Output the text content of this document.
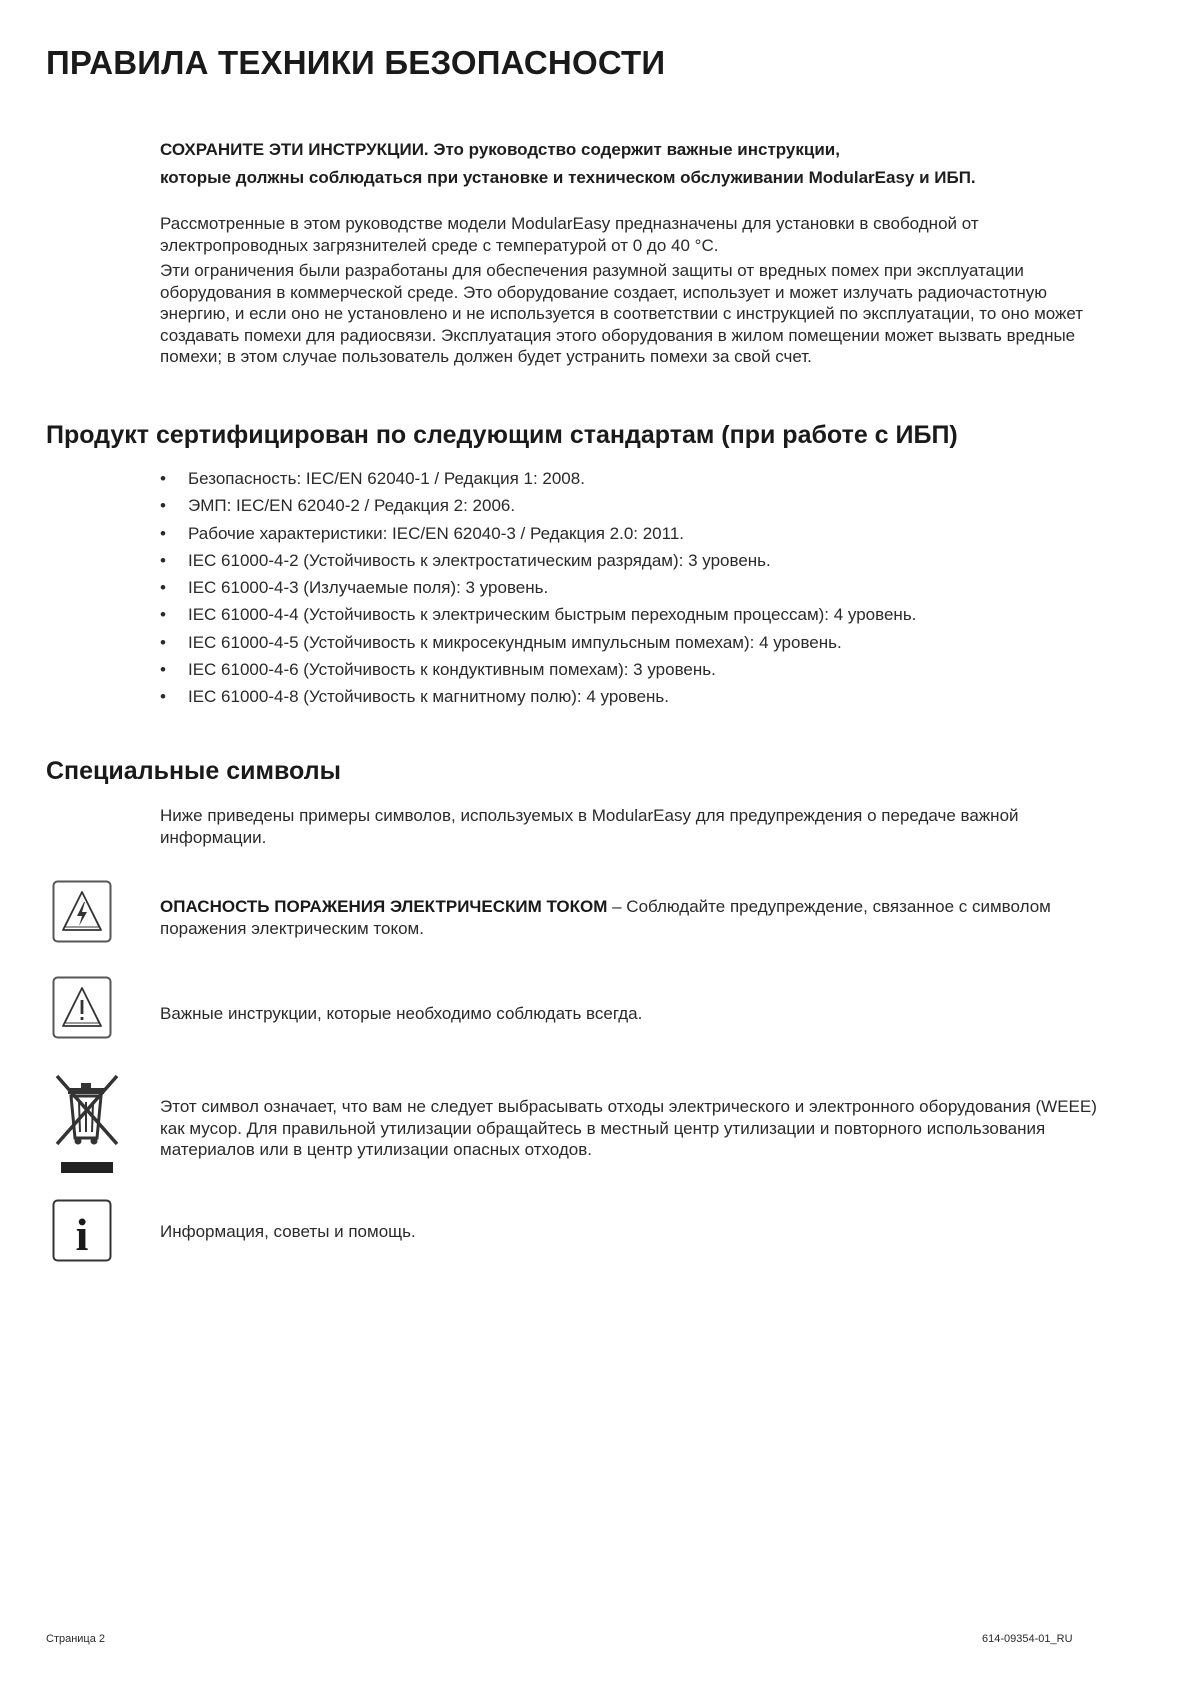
ПРАВИЛА ТЕХНИКИ БЕЗОПАСНОСТИ
СОХРАНИТЕ ЭТИ ИНСТРУКЦИИ. Это руководство содержит важные инструкции,
которые должны соблюдаться при установке и техническом обслуживании ModularEasy и ИБП.

Рассмотренные в этом руководстве модели ModularEasy предназначены для установки в свободной от электропроводных загрязнителей среде с температурой от 0 до 40 °C.

Эти ограничения были разработаны для обеспечения разумной защиты от вредных помех при эксплуатации оборудования в коммерческой среде. Это оборудование создает, использует и может излучать радиочастотную энергию, и если оно не установлено и не используется в соответствии с инструкцией по эксплуатации, то оно может создавать помехи для радиосвязи. Эксплуатация этого оборудования в жилом помещении может вызвать вредные помехи; в этом случае пользователь должен будет устранить помехи за свой счет.

Продукт сертифицирован по следующим стандартам (при работе с ИБП)
• Безопасность: IEC/EN 62040-1 / Редакция 1: 2008.
• ЭМП: IEC/EN 62040-2 / Редакция 2: 2006.
• Рабочие характеристики: IEC/EN 62040-3 / Редакция 2.0: 2011.
• IEC 61000-4-2 (Устойчивость к электростатическим разрядам): 3 уровень.
• IEC 61000-4-3 (Излучаемые поля): 3 уровень.
• IEC 61000-4-4 (Устойчивость к электрическим быстрым переходным процессам): 4 уровень.
• IEC 61000-4-5 (Устойчивость к микросекундным импульсным помехам): 4 уровень.
• IEC 61000-4-6 (Устойчивость к кондуктивным помехам): 3 уровень.
• IEC 61000-4-8 (Устойчивость к магнитному полю): 4 уровень.
Специальные символы

Ниже приведены примеры символов, используемых в ModularEasy для предупреждения о передаче важной информации.

ОПАСНОСТЬ ПОРАЖЕНИЯ ЭЛЕКТРИЧЕСКИМ ТОКОМ – Соблюдайте предупреждение, связанное с символом поражения электрическим током.
Важные инструкции, которые необходимо соблюдать всегда.
Этот символ означает, что вам не следует выбрасывать отходы электрического и электронного оборудования (WEEE) как мусор. Для правильной утилизации обращайтесь в местный центр утилизации и повторного использования материалов или в центр утилизации опасных отходов.
i	Информация, советы и помощь.
Страница 2	614-09354-01_RU
